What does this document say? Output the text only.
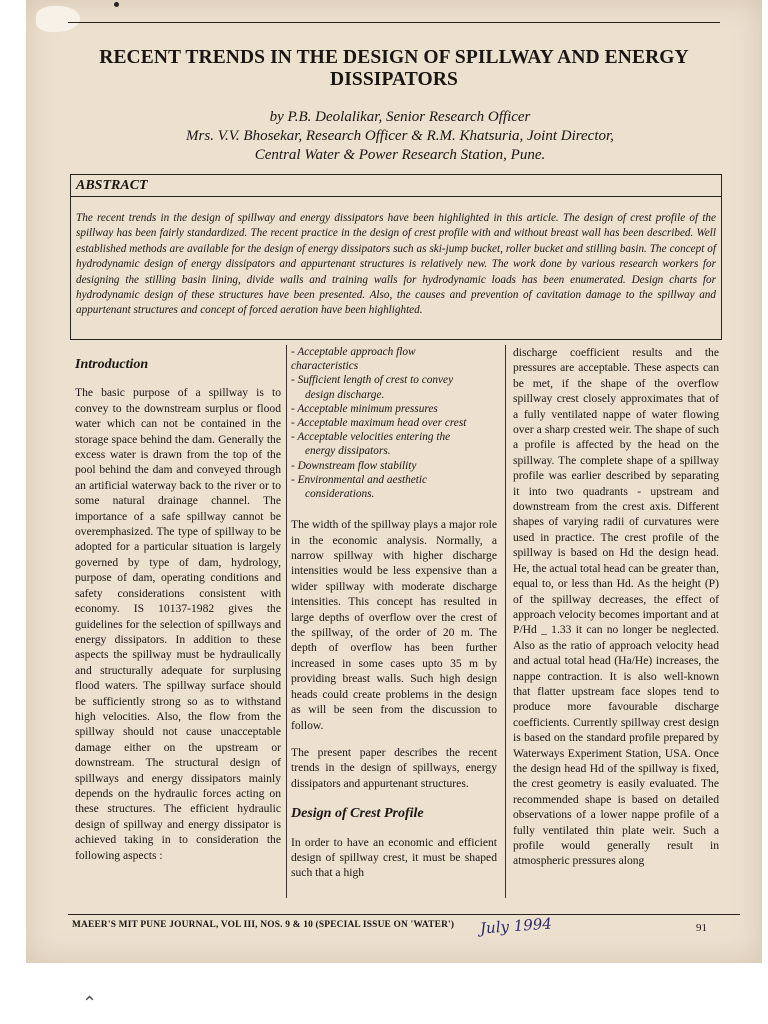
RECENT TRENDS IN THE DESIGN OF SPILLWAY AND ENERGY
DISSIPATORS
by P.B. Deolalikar, Senior Research Officer
Mrs. V.V. Bhosekar, Research Officer & R.M. Khatsuria, Joint Director,
Central Water & Power Research Station, Pune.
ABSTRACT
The recent trends in the design of spillway and energy dissipators have been highlighted in this article. The design of crest profile of the spillway has been fairly standardized. The recent practice in the design of crest profile with and without breast wall has been described. Well established methods are available for the design of energy dissipators such as ski-jump bucket, roller bucket and stilling basin. The concept of hydrodynamic design of energy dissipators and appurtenant structures is relatively new. The work done by various research workers for designing the stilling basin lining, divide walls and training walls for hydrodynamic loads has been enumerated. Design charts for hydrodynamic design of these structures have been presented. Also, the causes and prevention of cavitation damage to the spillway and appurtenant structures and concept of forced aeration have been highlighted.

Introduction

The basic purpose of a spillway is to convey to the downstream surplus or flood water which can not be contained in the storage space behind the dam. Generally the excess water is drawn from the top of the pool behind the dam and conveyed through an artificial waterway back to the river or to some natural drainage channel. The importance of a safe spillway cannot be overemphasized. The type of spillway to be adopted for a particular situation is largely governed by type of dam, hydrology, purpose of dam, operating conditions and safety considerations consistent with economy. IS 10137-1982 gives the guidelines for the selection of spillways and energy dissipators. In addition to these aspects the spillway must be hydraulically and structurally adequate for surplusing flood waters. The spillway surface should be sufficiently strong so as to withstand high velocities. Also, the flow from the spillway should not cause unacceptable damage either on the upstream or downstream. The structural design of spillways and energy dissipators mainly depends on the hydraulic forces acting on these structures. The efficient hydraulic design of spillway and energy dissipator is achieved taking in to consideration the following aspects :

- Acceptable approach flow
characteristics
- Sufficient length of crest to convey
design discharge.
- Acceptable minimum pressures
- Acceptable maximum head over crest
- Acceptable velocities entering the
energy dissipators.
- Downstream flow stability
- Environmental and aesthetic
considerations.

The width of the spillway plays a major role in the economic analysis. Normally, a narrow spillway with higher discharge intensities would be less expensive than a wider spillway with moderate discharge intensities. This concept has resulted in large depths of overflow over the crest of the spillway, of the order of 20 m. The depth of overflow has been further increased in some cases upto 35 m by providing breast walls. Such high design heads could create problems in the design as will be seen from the discussion to follow.

The present paper describes the recent trends in the design of spillways, energy dissipators and appurtenant structures.

Design of Crest Profile

In order to have an economic and efficient design of spillway crest, it must be shaped such that a high

discharge coefficient results and the pressures are acceptable. These aspects can be met, if the shape of the overflow spillway crest closely approximates that of a fully ventilated nappe of water flowing over a sharp crested weir. The shape of such a profile is affected by the head on the spillway. The complete shape of a spillway profile was earlier described by separating it into two quadrants - upstream and downstream from the crest axis. Different shapes of varying radii of curvatures were used in practice. The crest profile of the spillway is based on Hd the design head. He, the actual total head can be greater than, equal to, or less than Hd. As the height (P) of the spillway decreases, the effect of approach velocity becomes important and at P/Hd _ 1.33 it can no longer be neglected. Also as the ratio of approach velocity head and actual total head (Ha/He) increases, the nappe contraction. It is also well-known that flatter upstream face slopes tend to produce more favourable discharge coefficients. Currently spillway crest design is based on the standard profile prepared by Waterways Experiment Station, USA. Once the design head Hd of the spillway is fixed, the crest geometry is easily evaluated. The recommended shape is based on detailed observations of a lower nappe profile of a fully ventilated thin plate weir. Such a profile would generally result in atmospheric pressures along

MAEER'S MIT PUNE JOURNAL, VOL III, NOS. 9 & 10 (SPECIAL ISSUE ON 'WATER')	July 1994	91
⌃
